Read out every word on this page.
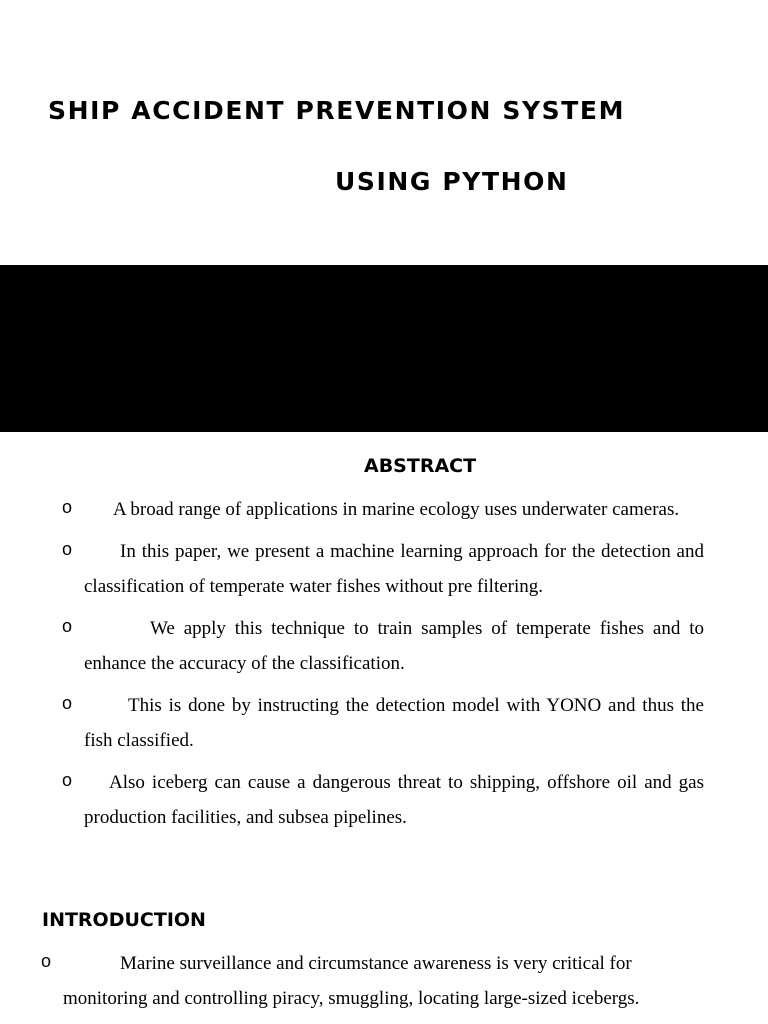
SHIP ACCIDENT PREVENTION SYSTEM
USING PYTHON
ABSTRACT
o	A broad range of applications in marine ecology uses underwater cameras.
o	In this paper, we present a machine learning approach for the detection and classification of temperate water fishes without pre filtering.
o	We apply this technique to train samples of temperate fishes and to enhance the accuracy of the classification.
o	This is done by instructing the detection model with YONO and thus the fish classified.
o	Also iceberg can cause a dangerous threat to shipping, offshore oil and gas production facilities, and subsea pipelines.
INTRODUCTION
o	Marine surveillance and circumstance awareness is very critical for monitoring and controlling piracy, smuggling, locating large-sized icebergs.
